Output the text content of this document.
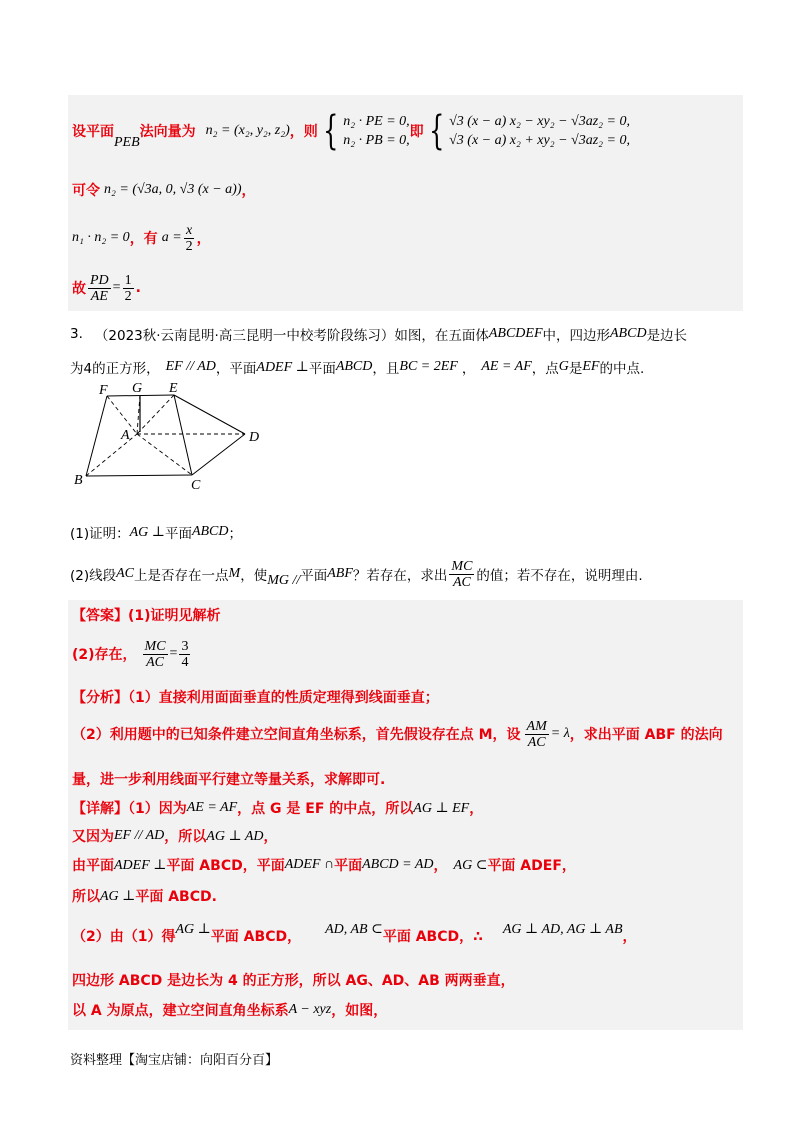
设平面
PEB
法向量为 n₂ = (x₂, y₂, z₂) ，则 { n₂ · PE = 0,
n₂ · PB = 0,
即 { √3 (x − a) x₂ − xy₂ − √3az₂ = 0,
√3 (x − a) x₂ + xy₂ − √3az₂ = 0,
可令 n₂ = (√3a, 0, √3 (x − a)) ，
n₁ · n₂ = 0 ，有 $a = \frac{x}{2}$ ，
故 $\frac{PD}{AE} = \frac{1}{2}$ .
3. （2023秋·云南昆明·高三昆明一中校考阶段练习）如图，在五面体 ABCDEF 中，四边形 ABCD 是边长
为4的正方形， EF // AD ，平面 ADEF ⊥ 平面 ABCD ，且 BC = 2EF ， AE = AF ，点 G 是 EF 的中点.
F G E
A	D
B	C
(1)证明： AG ⊥ 平面 ABCD ；
(2)线段 AC 上是否存在一点 M ，使 MG // 平面 ABF ？若存在，求出 $\frac{MC}{AC}$ 的值；若不存在，说明理由.
【答案】(1)证明见解析
(2)存在， $\frac{MC}{AC} = \frac{3}{4}$
【分析】（1）直接利用面面垂直的性质定理得到线面垂直；
（2）利用题中的已知条件建立空间直角坐标系，首先假设存在点 M，设 $\frac{AM}{AC} = \lambda$ ，求出平面 ABF 的法向
量，进一步利用线面平行建立等量关系，求解即可.
【详解】（1）因为 AE = AF ，点 G 是 EF 的中点，所以 AG ⊥ EF ，
又因为 EF // AD ，所以 AG ⊥ AD ，
由平面 ADEF ⊥ 平面 ABCD，平面 ADEF ∩ 平面 ABCD = AD ， AG ⊂ 平面 ADEF，
所以 AG ⊥ 平面 ABCD.
（2）由（1）得 AG ⊥ 平面 ABCD， AD, AB ⊂ 平面 ABCD，∴ AG ⊥ AD, AG ⊥ AB ，
四边形 ABCD 是边长为 4 的正方形，所以 AG、AD、AB 两两垂直，
以 A 为原点，建立空间直角坐标系 A − xyz ，如图，
资料整理【淘宝店铺：向阳百分百】
